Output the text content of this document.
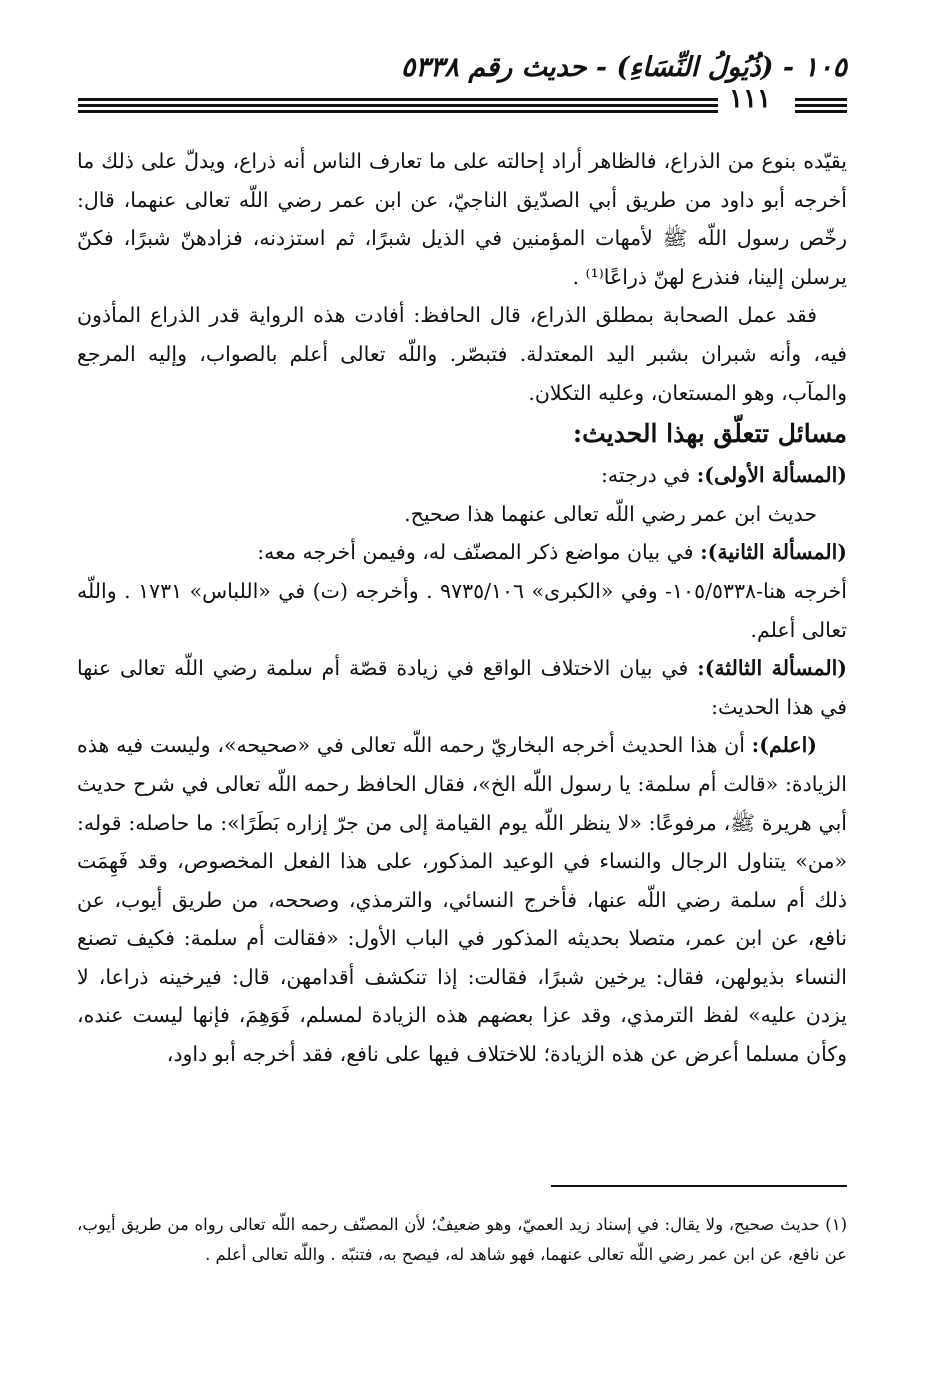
١٠٥ - (ذُيُولُ النِّسَاءِ) - حديث رقم ٥٣٣٨
١١١

يقيّده بنوع من الذراع، فالظاهر أراد إحالته على ما تعارف الناس أنه ذراع، ويدلّ على ذلك ما أخرجه أبو داود من طريق أبي الصدّيق الناجيّ، عن ابن عمر رضي اللّه تعالى عنهما، قال: رخّص رسول اللّه ﷺ لأمهات المؤمنين في الذيل شبرًا، ثم استزدنه، فزادهنّ شبرًا، فكنّ يرسلن إلينا، فنذرع لهنّ ذراعًا⁽¹⁾ .

فقد عمل الصحابة بمطلق الذراع، قال الحافظ: أفادت هذه الرواية قدر الذراع المأذون فيه، وأنه شبران بشبر اليد المعتدلة. فتبصّر. واللّه تعالى أعلم بالصواب، وإليه المرجع والمآب، وهو المستعان، وعليه التكلان.

مسائل تتعلّق بهذا الحديث:

(المسألة الأولى): في درجته:

حديث ابن عمر رضي اللّه تعالى عنهما هذا صحيح.

(المسألة الثانية): في بيان مواضع ذكر المصنّف له، وفيمن أخرجه معه:

أخرجه هنا-١٠٥/٥٣٣٨- وفي «الكبرى» ٩٧٣٥/١٠٦ . وأخرجه (ت) في «اللباس» ١٧٣١ . واللّه تعالى أعلم.

(المسألة الثالثة): في بيان الاختلاف الواقع في زيادة قصّة أم سلمة رضي اللّه تعالى عنها في هذا الحديث:

(اعلم): أن هذا الحديث أخرجه البخاريّ رحمه اللّه تعالى في «صحيحه»، وليست فيه هذه الزيادة: «قالت أم سلمة: يا رسول اللّه الخ»، فقال الحافظ رحمه اللّه تعالى في شرح حديث أبي هريرة ﷺ، مرفوعًا: «لا ينظر اللّه يوم القيامة إلى من جرّ إزاره بَطَرًا»: ما حاصله: قوله: «من» يتناول الرجال والنساء في الوعيد المذكور، على هذا الفعل المخصوص، وقد فَهِمَت ذلك أم سلمة رضي اللّه عنها، فأخرج النسائي، والترمذي، وصححه، من طريق أيوب، عن نافع، عن ابن عمر، متصلا بحديثه المذكور في الباب الأول: «فقالت أم سلمة: فكيف تصنع النساء بذيولهن، فقال: يرخين شبرًا، فقالت: إذا تنكشف أقدامهن، قال: فيرخينه ذراعا، لا يزدن عليه» لفظ الترمذي، وقد عزا بعضهم هذه الزيادة لمسلم، فَوَهِمَ، فإنها ليست عنده، وكأن مسلما أعرض عن هذه الزيادة؛ للاختلاف فيها على نافع، فقد أخرجه أبو داود،

(١) حديث صحيح، ولا يقال: في إسناد زيد العميّ، وهو ضعيفٌ؛ لأن المصنّف رحمه اللّه تعالى رواه من طريق أيوب، عن نافع، عن ابن عمر رضي اللّه تعالى عنهما، فهو شاهد له، فيصح به، فتنبّه . واللّه تعالى أعلم .
